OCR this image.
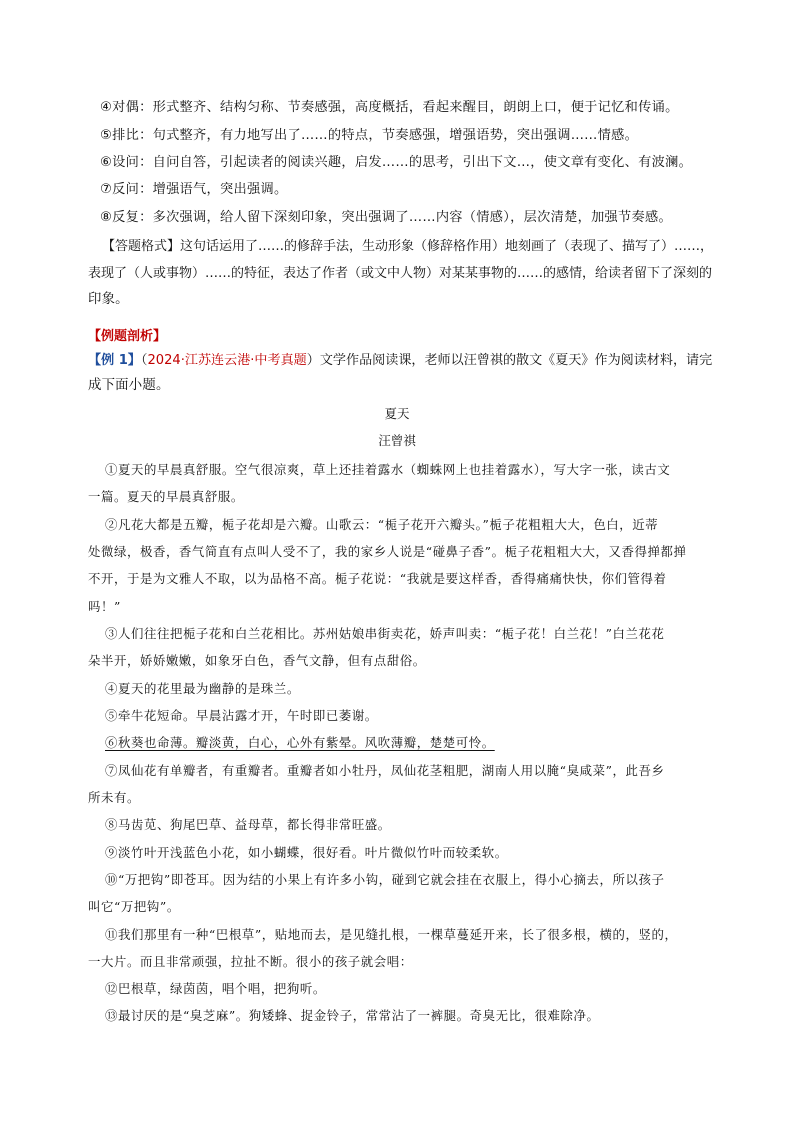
④对偶：形式整齐、结构匀称、节奏感强，高度概括，看起来醒目，朗朗上口，便于记忆和传诵。
⑤排比：句式整齐，有力地写出了……的特点，节奏感强，增强语势，突出强调……情感。
⑥设问：自问自答，引起读者的阅读兴趣，启发……的思考，引出下文…，使文章有变化、有波澜。
⑦反问：增强语气，突出强调。
⑧反复：多次强调，给人留下深刻印象，突出强调了……内容（情感），层次清楚，加强节奏感。
【答题格式】这句话运用了……的修辞手法，生动形象（修辞格作用）地刻画了（表现了、描写了）……，
表现了（人或事物）……的特征，表达了作者（或文中人物）对某某事物的……的感情，给读者留下了深刻的
印象。
【例题剖析】
【例 1】（2024·江苏连云港·中考真题）文学作品阅读课，老师以汪曾祺的散文《夏天》作为阅读材料，请完
成下面小题。
夏天
汪曾祺
①夏天的早晨真舒服。空气很凉爽，草上还挂着露水（蜘蛛网上也挂着露水），写大字一张，读古文
一篇。夏天的早晨真舒服。
②凡花大都是五瓣，栀子花却是六瓣。山歌云：“栀子花开六瓣头。”栀子花粗粗大大，色白，近蒂
处微绿，极香，香气简直有点叫人受不了，我的家乡人说是“碰鼻子香”。栀子花粗粗大大，又香得掸都掸
不开，于是为文雅人不取，以为品格不高。栀子花说：“我就是要这样香，香得痛痛快快，你们管得着
吗！”
③人们往往把栀子花和白兰花相比。苏州姑娘串街卖花，娇声叫卖：“栀子花！白兰花！”白兰花花
朵半开，娇娇嫩嫩，如象牙白色，香气文静，但有点甜俗。
④夏天的花里最为幽静的是珠兰。
⑤牵牛花短命。早晨沾露才开，午时即已萎谢。
⑥秋葵也命薄。瓣淡黄，白心，心外有紫晕。风吹薄瓣，楚楚可怜。
⑦凤仙花有单瓣者，有重瓣者。重瓣者如小牡丹，凤仙花茎粗肥，湖南人用以腌“臭咸菜”，此吾乡
所未有。
⑧马齿苋、狗尾巴草、益母草，都长得非常旺盛。
⑨淡竹叶开浅蓝色小花，如小蝴蝶，很好看。叶片微似竹叶而较柔软。
⑩“万把钩”即苍耳。因为结的小果上有许多小钩，碰到它就会挂在衣服上，得小心摘去，所以孩子
叫它“万把钩”。
⑪我们那里有一种“巴根草”，贴地而去，是见缝扎根，一棵草蔓延开来，长了很多根，横的，竖的，
一大片。而且非常顽强，拉扯不断。很小的孩子就会唱：
⑫巴根草，绿茵茵，唱个唱，把狗听。
⑬最讨厌的是“臭芝麻”。狗矮蜂、捉金铃子，常常沾了一裤腿。奇臭无比，很难除净。
